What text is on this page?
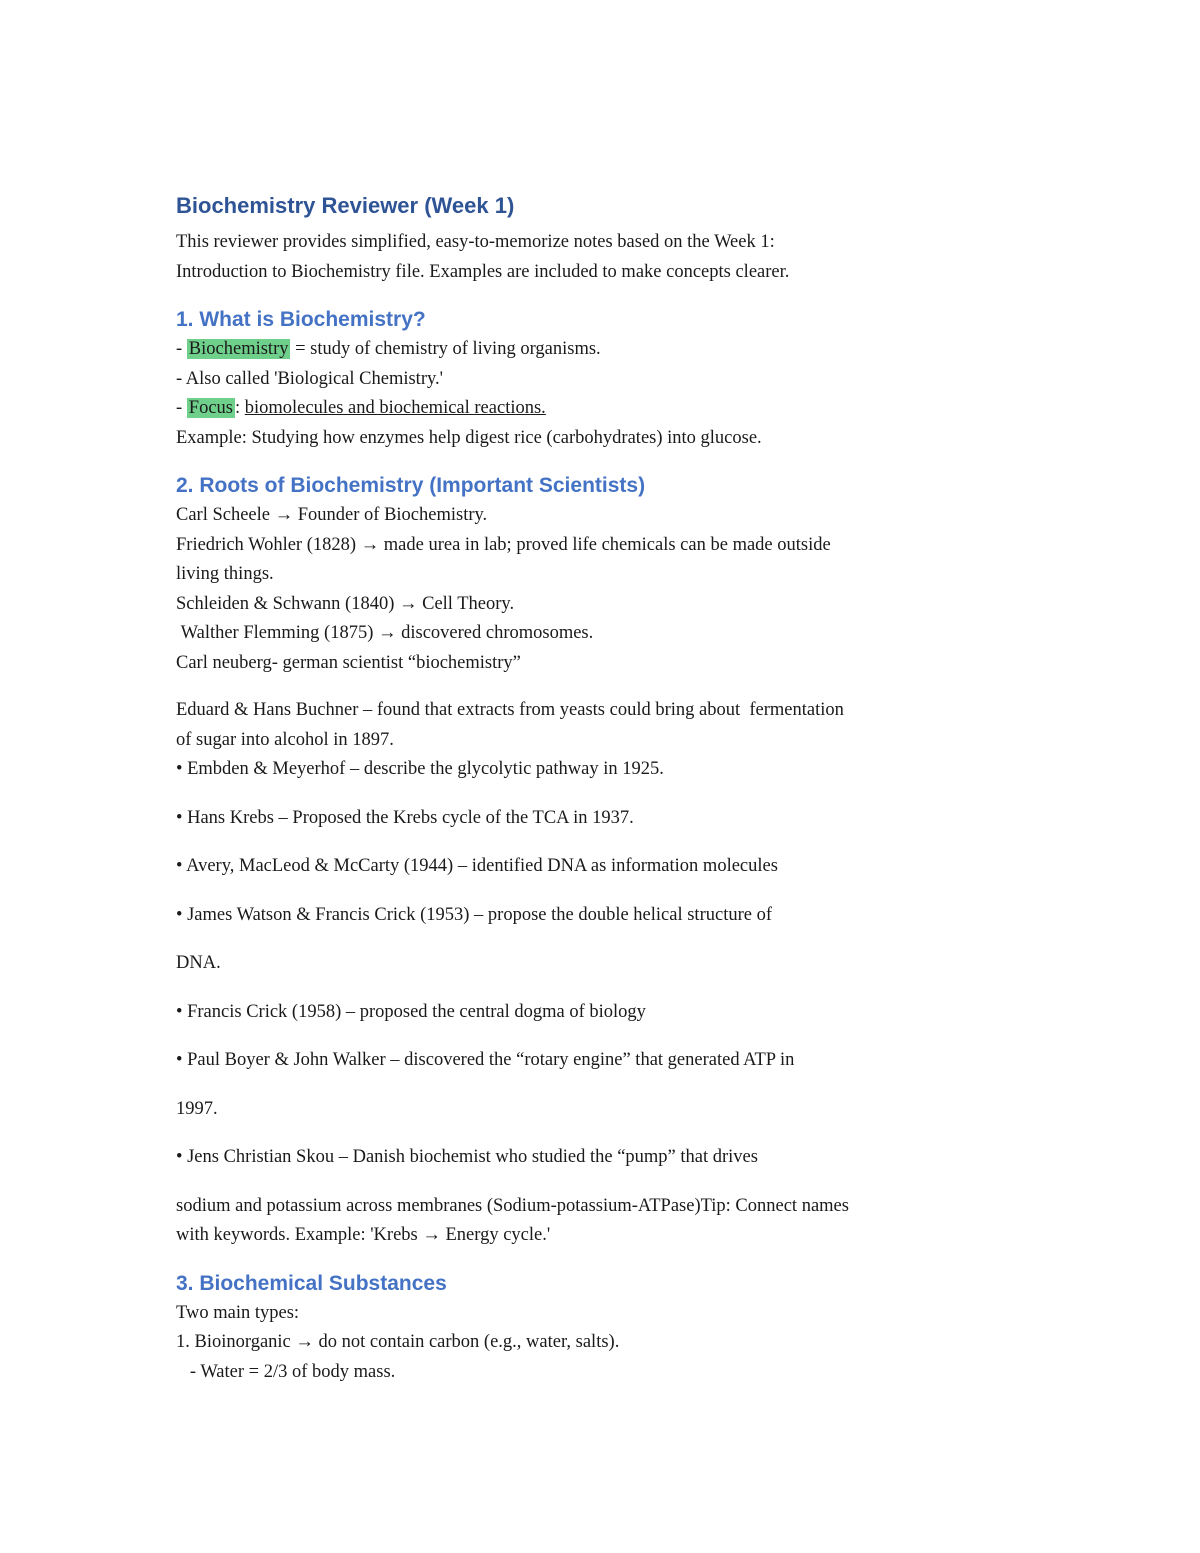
Biochemistry Reviewer (Week 1)
This reviewer provides simplified, easy-to-memorize notes based on the Week 1:
Introduction to Biochemistry file. Examples are included to make concepts clearer.
1. What is Biochemistry?
- Biochemistry = study of chemistry of living organisms.
- Also called 'Biological Chemistry.'
- Focus : biomolecules and biochemical reactions.
Example: Studying how enzymes help digest rice (carbohydrates) into glucose.
2. Roots of Biochemistry (Important Scientists)
Carl Scheele → Founder of Biochemistry.
Friedrich Wohler (1828) → made urea in lab; proved life chemicals can be made outside
living things.
Schleiden & Schwann (1840) → Cell Theory.
Walther Flemming (1875) → discovered chromosomes.
Carl neuberg- german scientist “biochemistry”
Eduard & Hans Buchner – found that extracts from yeasts could bring about  fermentation
of sugar into alcohol in 1897.
• Embden & Meyerhof – describe the glycolytic pathway in 1925.
• Hans Krebs – Proposed the Krebs cycle of the TCA in 1937.
• Avery, MacLeod & McCarty (1944) – identified DNA as information molecules
• James Watson & Francis Crick (1953) – propose the double helical structure of
DNA.
• Francis Crick (1958) – proposed the central dogma of biology
• Paul Boyer & John Walker – discovered the “rotary engine” that generated ATP in
1997.
• Jens Christian Skou – Danish biochemist who studied the “pump” that drives
sodium and potassium across membranes (Sodium-potassium-ATPase)Tip: Connect names
with keywords. Example: 'Krebs → Energy cycle.'
3. Biochemical Substances
Two main types:
1. Bioinorganic → do not contain carbon (e.g., water, salts).
- Water = 2/3 of body mass.
